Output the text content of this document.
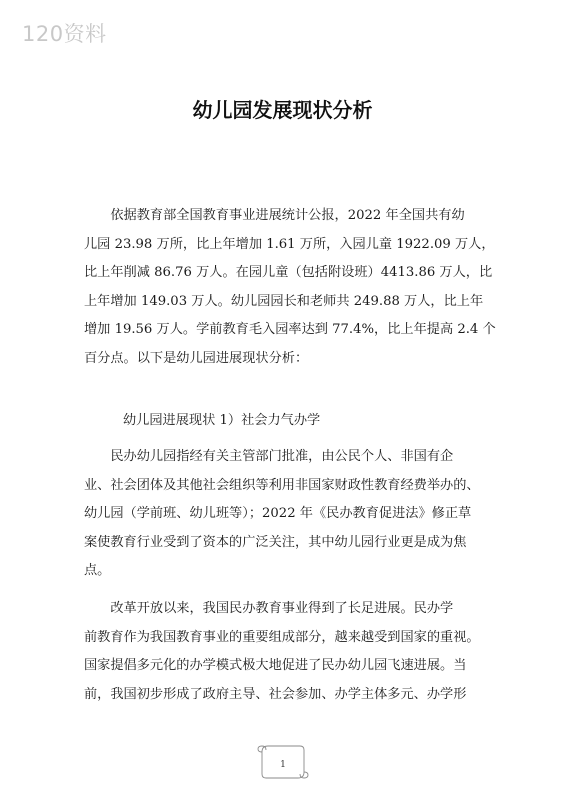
120资料
幼儿园发展现状分析
　　依据教育部全国教育事业进展统计公报，2022 年全国共有幼
儿园 23.98 万所，比上年增加 1.61 万所，入园儿童 1922.09 万人，
比上年削减 86.76 万人。在园儿童（包括附设班）4413.86 万人，比
上年增加 149.03 万人。幼儿园园长和老师共 249.88 万人，比上年
增加 19.56 万人。学前教育毛入园率达到 77.4%，比上年提高 2.4 个
百分点。以下是幼儿园进展现状分析：
幼儿园进展现状 1）社会力气办学
　　民办幼儿园指经有关主管部门批准，由公民个人、非国有企
业、社会团体及其他社会组织等利用非国家财政性教育经费举办的、
幼儿园（学前班、幼儿班等）；2022 年《民办教育促进法》修正草
案使教育行业受到了资本的广泛关注，其中幼儿园行业更是成为焦
点。
　　改革开放以来，我国民办教育事业得到了长足进展。民办学
前教育作为我国教育事业的重要组成部分，越来越受到国家的重视。
国家提倡多元化的办学模式极大地促进了民办幼儿园飞速进展。当
前，我国初步形成了政府主导、社会参加、办学主体多元、办学形
1
